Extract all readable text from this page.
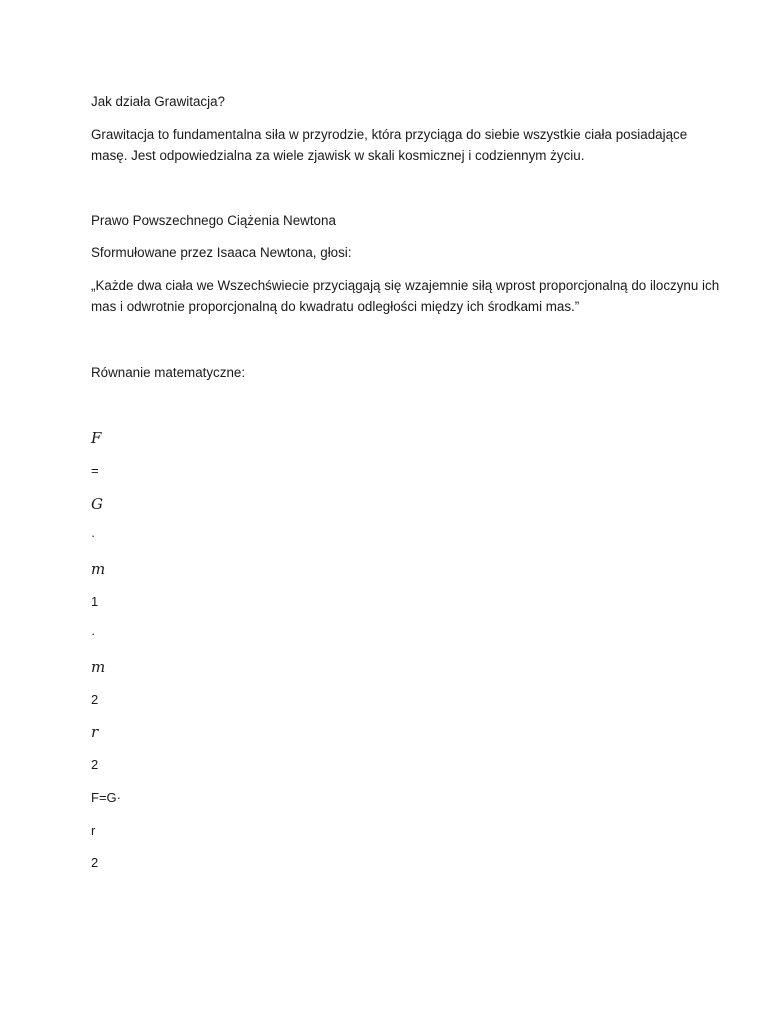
Jak działa Grawitacja?
Grawitacja to fundamentalna siła w przyrodzie, która przyciąga do siebie wszystkie ciała posiadające
masę. Jest odpowiedzialna za wiele zjawisk w skali kosmicznej i codziennym życiu.
Prawo Powszechnego Ciążenia Newtona
Sformułowane przez Isaaca Newtona, głosi:
„Każde dwa ciała we Wszechświecie przyciągają się wzajemnie siłą wprost proporcjonalną do iloczynu ich
mas i odwrotnie proporcjonalną do kwadratu odległości między ich środkami mas.”
Równanie matematyczne:
F
=
G
·
m
1
·
m
2
r
2
F=G·
r
2
